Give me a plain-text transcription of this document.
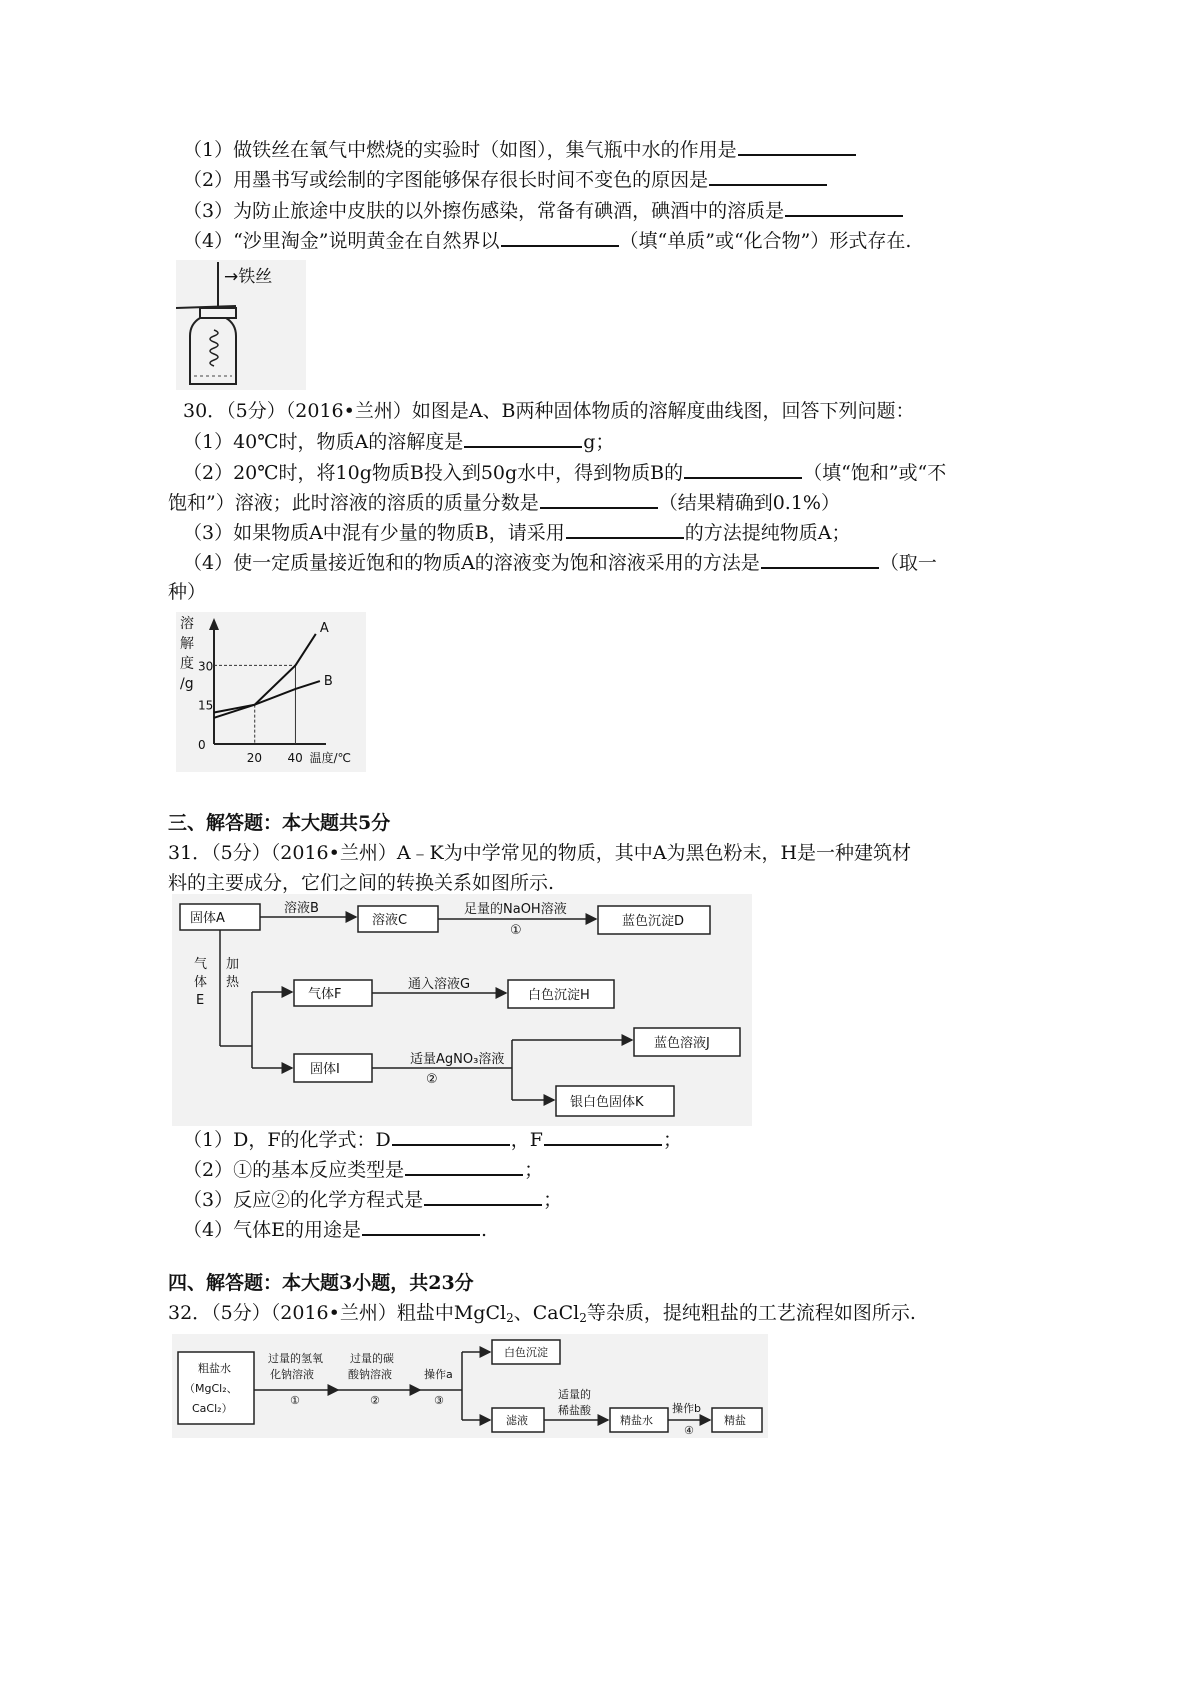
（1）做铁丝在氧气中燃烧的实验时（如图），集气瓶中水的作用是
（2）用墨书写或绘制的字图能够保存很长时间不变色的原因是
（3）为防止旅途中皮肤的以外擦伤感染，常备有碘酒，碘酒中的溶质是
（4）“沙里淘金”说明黄金在自然界以	（填“单质”或“化合物”）形式存在.
→铁丝
30．（5分）（2016•兰州）如图是A、B两种固体物质的溶解度曲线图，回答下列问题：
（1）40℃时，物质A的溶解度是	g；
（2）20℃时，将10g物质B投入到50g水中，得到物质B的	（填“饱和”或“不
饱和”）溶液；此时溶液的溶质的质量分数是	（结果精确到0.1%）
（3）如果物质A中混有少量的物质B，请采用	的方法提纯物质A；
（4）使一定质量接近饱和的物质A的溶液变为饱和溶液采用的方法是	（取一
种）
溶
解
度
/g
30
15
0
20 40 温度/℃
A
B
三、解答题：本大题共5分
31．（5分）（2016•兰州）A﹣K为中学常见的物质，其中A为黑色粉末，H是一种建筑材
料的主要成分，它们之间的转换关系如图所示.
固体A
溶液B
溶液C
足量的NaOH溶液
①
蓝色沉淀D
气
体
E
加
热
气体F
通入溶液G
白色沉淀H
固体I
适量AgNO₃溶液
②
蓝色溶液J
银白色固体K
（1）D，F的化学式：D	，F	；
（2）①的基本反应类型是	；
（3）反应②的化学方程式是	；
（4）气体E的用途是	.
四、解答题：本大题3小题，共23分
32．（5分）（2016•兰州）粗盐中MgCl$_2$、CaCl$_2$等杂质，提纯粗盐的工艺流程如图所示.
粗盐水
（MgCl₂、
CaCl₂）
过量的氢氧
化钠溶液
①
过量的碳
酸钠溶液
②
操作a
③
白色沉淀
滤液
适量的
稀盐酸
精盐水
操作b
④
精盐
